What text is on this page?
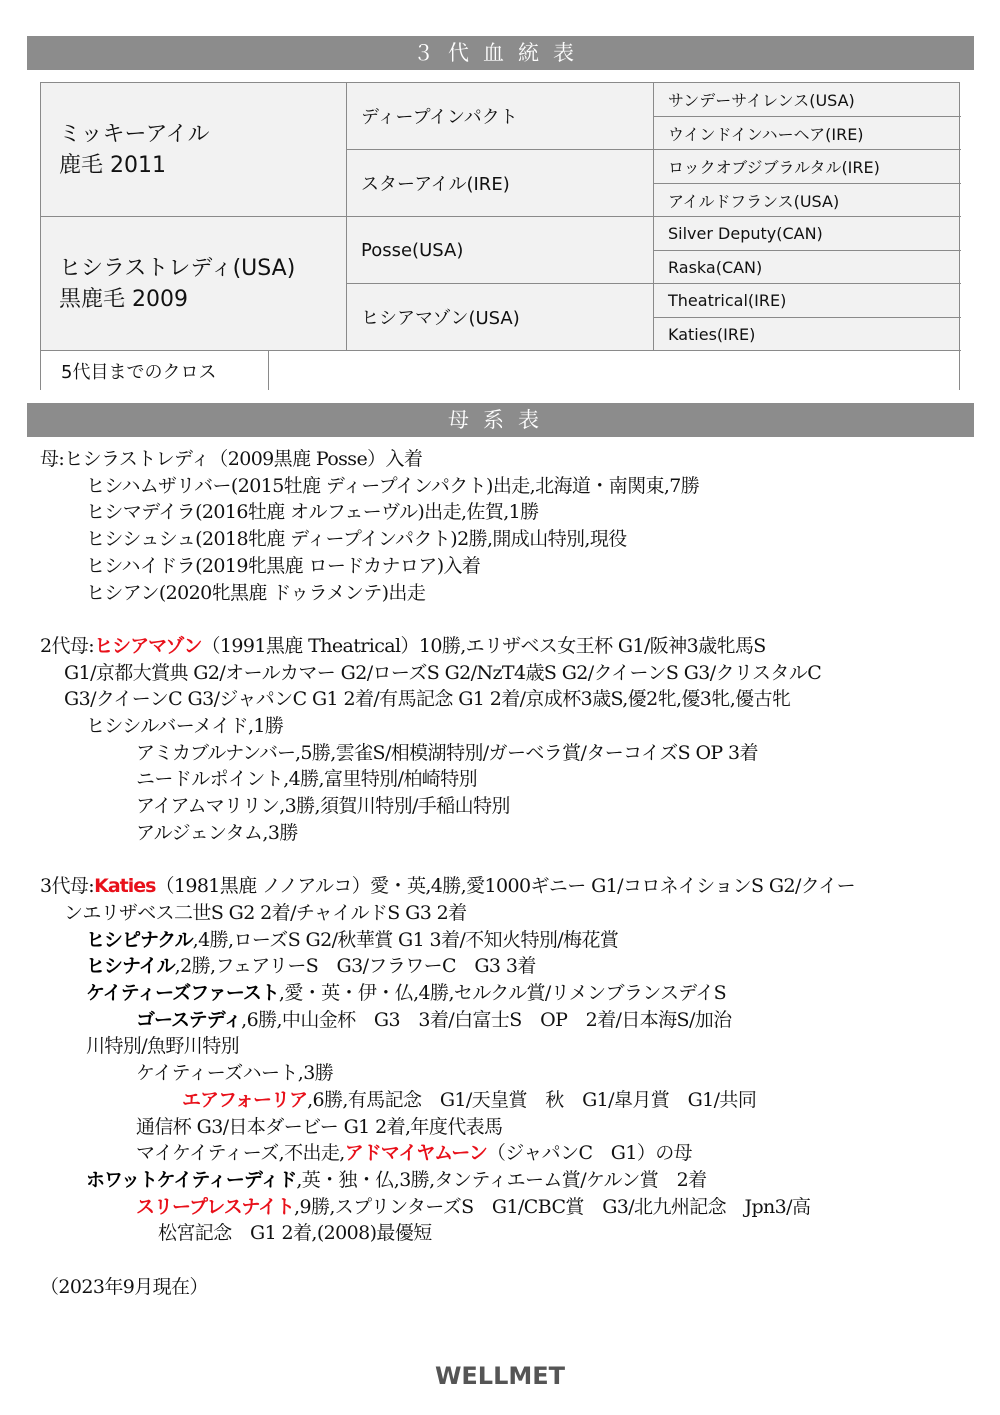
３代血統表
ミッキーアイル
鹿毛 2011
ヒシラストレディ(USA)
黒鹿毛 2009
ディープインパクト
スターアイル(IRE)
Posse(USA)
ヒシアマゾン(USA)
サンデーサイレンス(USA)
ウインドインハーヘア(IRE)
ロックオブジブラルタル(IRE)
アイルドフランス(USA)
Silver Deputy(CAN)
Raska(CAN)
Theatrical(IRE)
Katies(IRE)
5代目までのクロス
母系表

母:ヒシラストレディ（2009黒鹿 Posse）入着

ヒシハムザリバー(2015牡鹿 ディープインパクト)出走,北海道・南関東,7勝

ヒシマデイラ(2016牡鹿 オルフェーヴル)出走,佐賀,1勝

ヒシシュシュ(2018牝鹿 ディープインパクト)2勝,開成山特別,現役

ヒシハイドラ(2019牝黒鹿 ロードカナロア)入着

ヒシアン(2020牝黒鹿 ドゥラメンテ)出走

2代母:ヒシアマゾン（1991黒鹿 Theatrical）10勝,エリザベス女王杯 G1/阪神3歳牝馬S

G1/京都大賞典 G2/オールカマー G2/ローズS G2/NzT4歳S G2/クイーンS G3/クリスタルC

G3/クイーンC G3/ジャパンC G1 2着/有馬記念 G1 2着/京成杯3歳S,優2牝,優3牝,優古牝

ヒシシルバーメイド,1勝

アミカブルナンバー,5勝,雲雀S/相模湖特別/ガーベラ賞/ターコイズS OP 3着

ニードルポイント,4勝,富里特別/柏崎特別

アイアムマリリン,3勝,須賀川特別/手稲山特別

アルジェンタム,3勝

3代母:Katies（1981黒鹿 ノノアルコ）愛・英,4勝,愛1000ギニー G1/コロネイションS G2/クイー

ンエリザベス二世S G2 2着/チャイルドS G3 2着

ヒシピナクル,4勝,ローズS G2/秋華賞 G1 3着/不知火特別/梅花賞

ヒシナイル,2勝,フェアリーS　G3/フラワーC　G3 3着

ケイティーズファースト,愛・英・伊・仏,4勝,セルクル賞/リメンブランスデイS

ゴーステディ,6勝,中山金杯　G3　3着/白富士S　OP　2着/日本海S/加治

川特別/魚野川特別

ケイティーズハート,3勝

エアフォーリア,6勝,有馬記念　G1/天皇賞　秋　G1/皐月賞　G1/共同

通信杯 G3/日本ダービー G1 2着,年度代表馬

マイケイティーズ,不出走,アドマイヤムーン（ジャパンC　G1）の母

ホワットケイティーディド,英・独・仏,3勝,タンティエーム賞/ケルン賞　2着

スリープレスナイト,9勝,スプリンターズS　G1/CBC賞　G3/北九州記念　Jpn3/高

松宮記念　G1 2着,(2008)最優短

（2023年9月現在）

WELLMET
